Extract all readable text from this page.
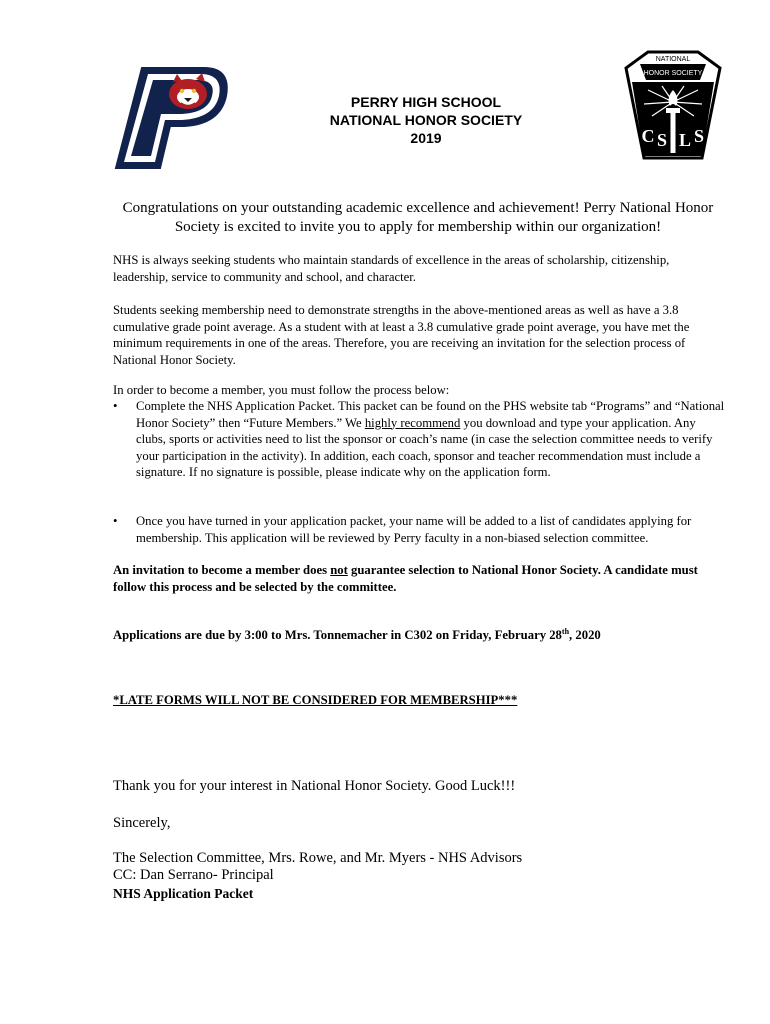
NATIONAL
HONOR SOCIETY
C S L S
PERRY HIGH SCHOOL
NATIONAL HONOR SOCIETY
2019
Congratulations on your outstanding academic excellence and achievement! Perry National Honor Society is excited to invite you to apply for membership within our organization!
NHS is always seeking students who maintain standards of excellence in the areas of scholarship, citizenship, leadership, service to community and school, and character.
Students seeking membership need to demonstrate strengths in the above-mentioned areas as well as have a 3.8 cumulative grade point average. As a student with at least a 3.8 cumulative grade point average, you have met the minimum requirements in one of the areas. Therefore, you are receiving an invitation for the selection process of National Honor Society.
In order to become a member, you must follow the process below:
• Complete the NHS Application Packet. This packet can be found on the PHS website tab “Programs” and “National Honor Society” then “Future Members.” We highly recommend you download and type your application. Any clubs, sports or activities need to list the sponsor or coach’s name (in case the selection committee needs to verify your participation in the activity). In addition, each coach, sponsor and teacher recommendation must include a signature. If no signature is possible, please indicate why on the application form.
• Once you have turned in your application packet, your name will be added to a list of candidates applying for membership. This application will be reviewed by Perry faculty in a non-biased selection committee.
An invitation to become a member does not guarantee selection to National Honor Society. A candidate must follow this process and be selected by the committee.
Applications are due by 3:00 to Mrs. Tonnemacher in C302 on Friday, February 28th, 2020
*LATE FORMS WILL NOT BE CONSIDERED FOR MEMBERSHIP***
Thank you for your interest in National Honor Society. Good Luck!!!
Sincerely,
The Selection Committee, Mrs. Rowe, and Mr. Myers - NHS Advisors
CC: Dan Serrano- Principal
NHS Application Packet
